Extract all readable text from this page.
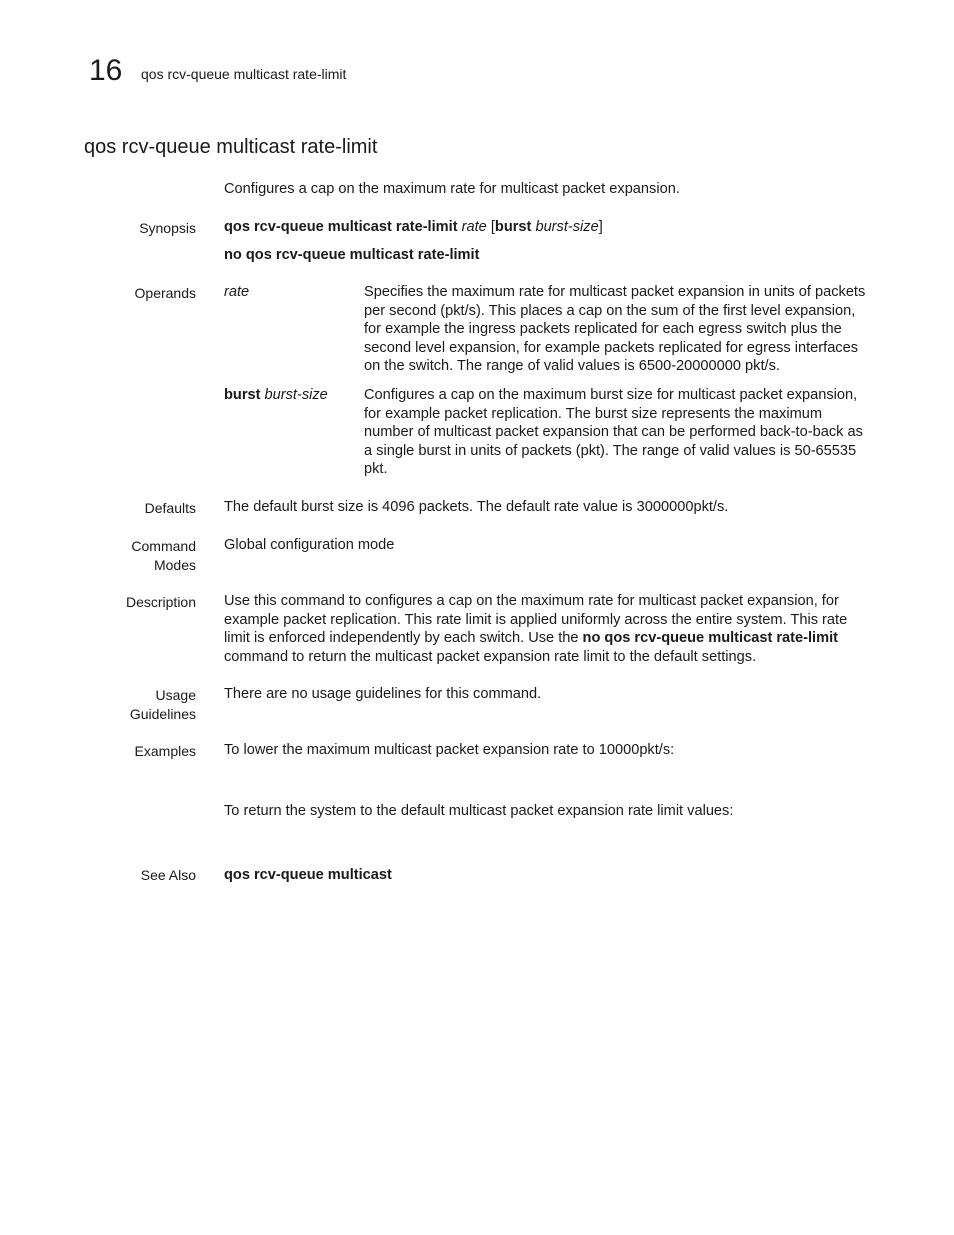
16 qos rcv-queue multicast rate-limit
qos rcv-queue multicast rate-limit
Configures a cap on the maximum rate for multicast packet expansion.
Synopsis qos rcv-queue multicast rate-limit rate [burst burst-size]
no qos rcv-queue multicast rate-limit
Operands rate	Specifies the maximum rate for multicast packet expansion in units of packets per second (pkt/s). This places a cap on the sum of the first level expansion, for example the ingress packets replicated for each egress switch plus the second level expansion, for example packets replicated for egress interfaces on the switch. The range of valid values is 6500-20000000 pkt/s.
burst burst-size	Configures a cap on the maximum burst size for multicast packet expansion, for example packet replication. The burst size represents the maximum number of multicast packet expansion that can be performed back-to-back as a single burst in units of packets (pkt). The range of valid values is 50-65535 pkt.
Defaults The default burst size is 4096 packets. The default rate value is 3000000pkt/s.
Command
Modes
Global configuration mode
Description Use this command to configures a cap on the maximum rate for multicast packet expansion, for example packet replication. This rate limit is applied uniformly across the entire system. This rate limit is enforced independently by each switch. Use the no qos rcv-queue multicast rate-limit command to return the multicast packet expansion rate limit to the default settings.
Usage
Guidelines
There are no usage guidelines for this command.
Examples To lower the maximum multicast packet expansion rate to 10000pkt/s:
To return the system to the default multicast packet expansion rate limit values:
See Also qos rcv-queue multicast
